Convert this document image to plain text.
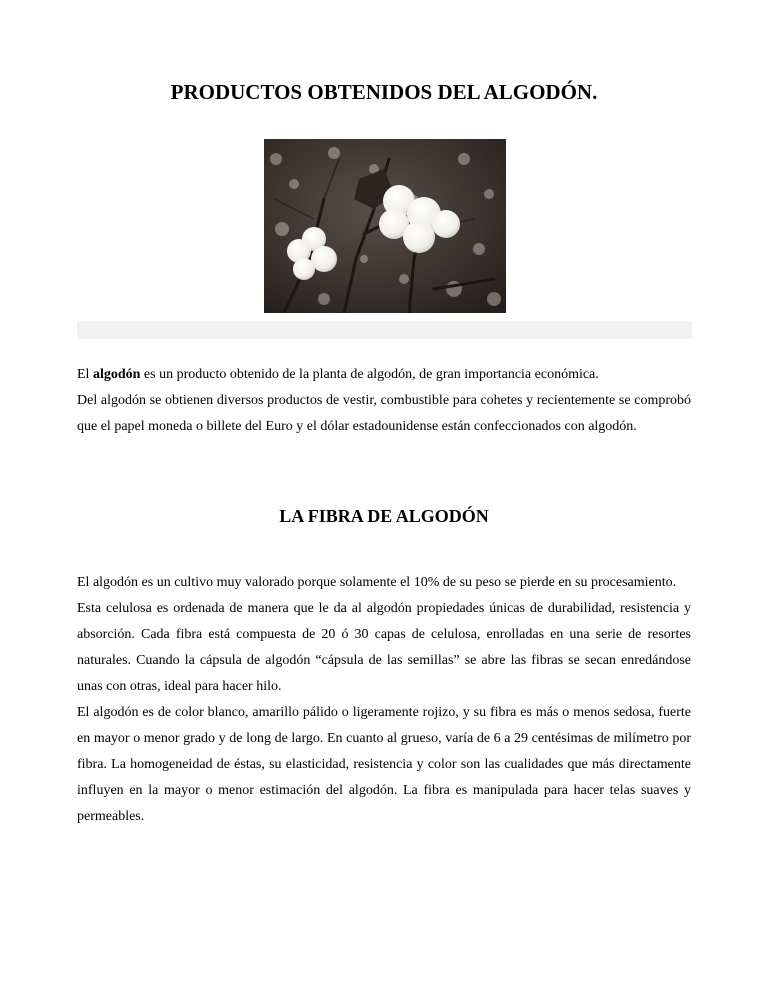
PRODUCTOS OBTENIDOS DEL ALGODÓN.

El algodón es un producto obtenido de la planta de algodón, de gran importancia económica.

Del algodón se obtienen diversos productos de vestir, combustible para cohetes y recientemente se comprobó que el papel moneda o billete del Euro y el dólar estadounidense están confeccionados con algodón.

LA FIBRA DE ALGODÓN

El algodón es un cultivo muy valorado porque solamente el 10% de su peso se pierde en su procesamiento.

Esta celulosa es ordenada de manera que le da al algodón propiedades únicas de durabilidad, resistencia y absorción. Cada fibra está compuesta de 20 ó 30 capas de celulosa, enrolladas en una serie de resortes naturales. Cuando la cápsula de algodón “cápsula de las semillas” se abre las fibras se secan enredándose unas con otras, ideal para hacer hilo.

El algodón es de color blanco, amarillo pálido o ligeramente rojizo, y su fibra es más o menos sedosa, fuerte en mayor o menor grado y de long de largo. En cuanto al grueso, varía de 6 a 29 centésimas de milímetro por fibra. La homogeneidad de éstas, su elasticidad, resistencia y color son las cualidades que más directamente influyen en la mayor o menor estimación del algodón. La fibra es manipulada para hacer telas suaves y permeables.
